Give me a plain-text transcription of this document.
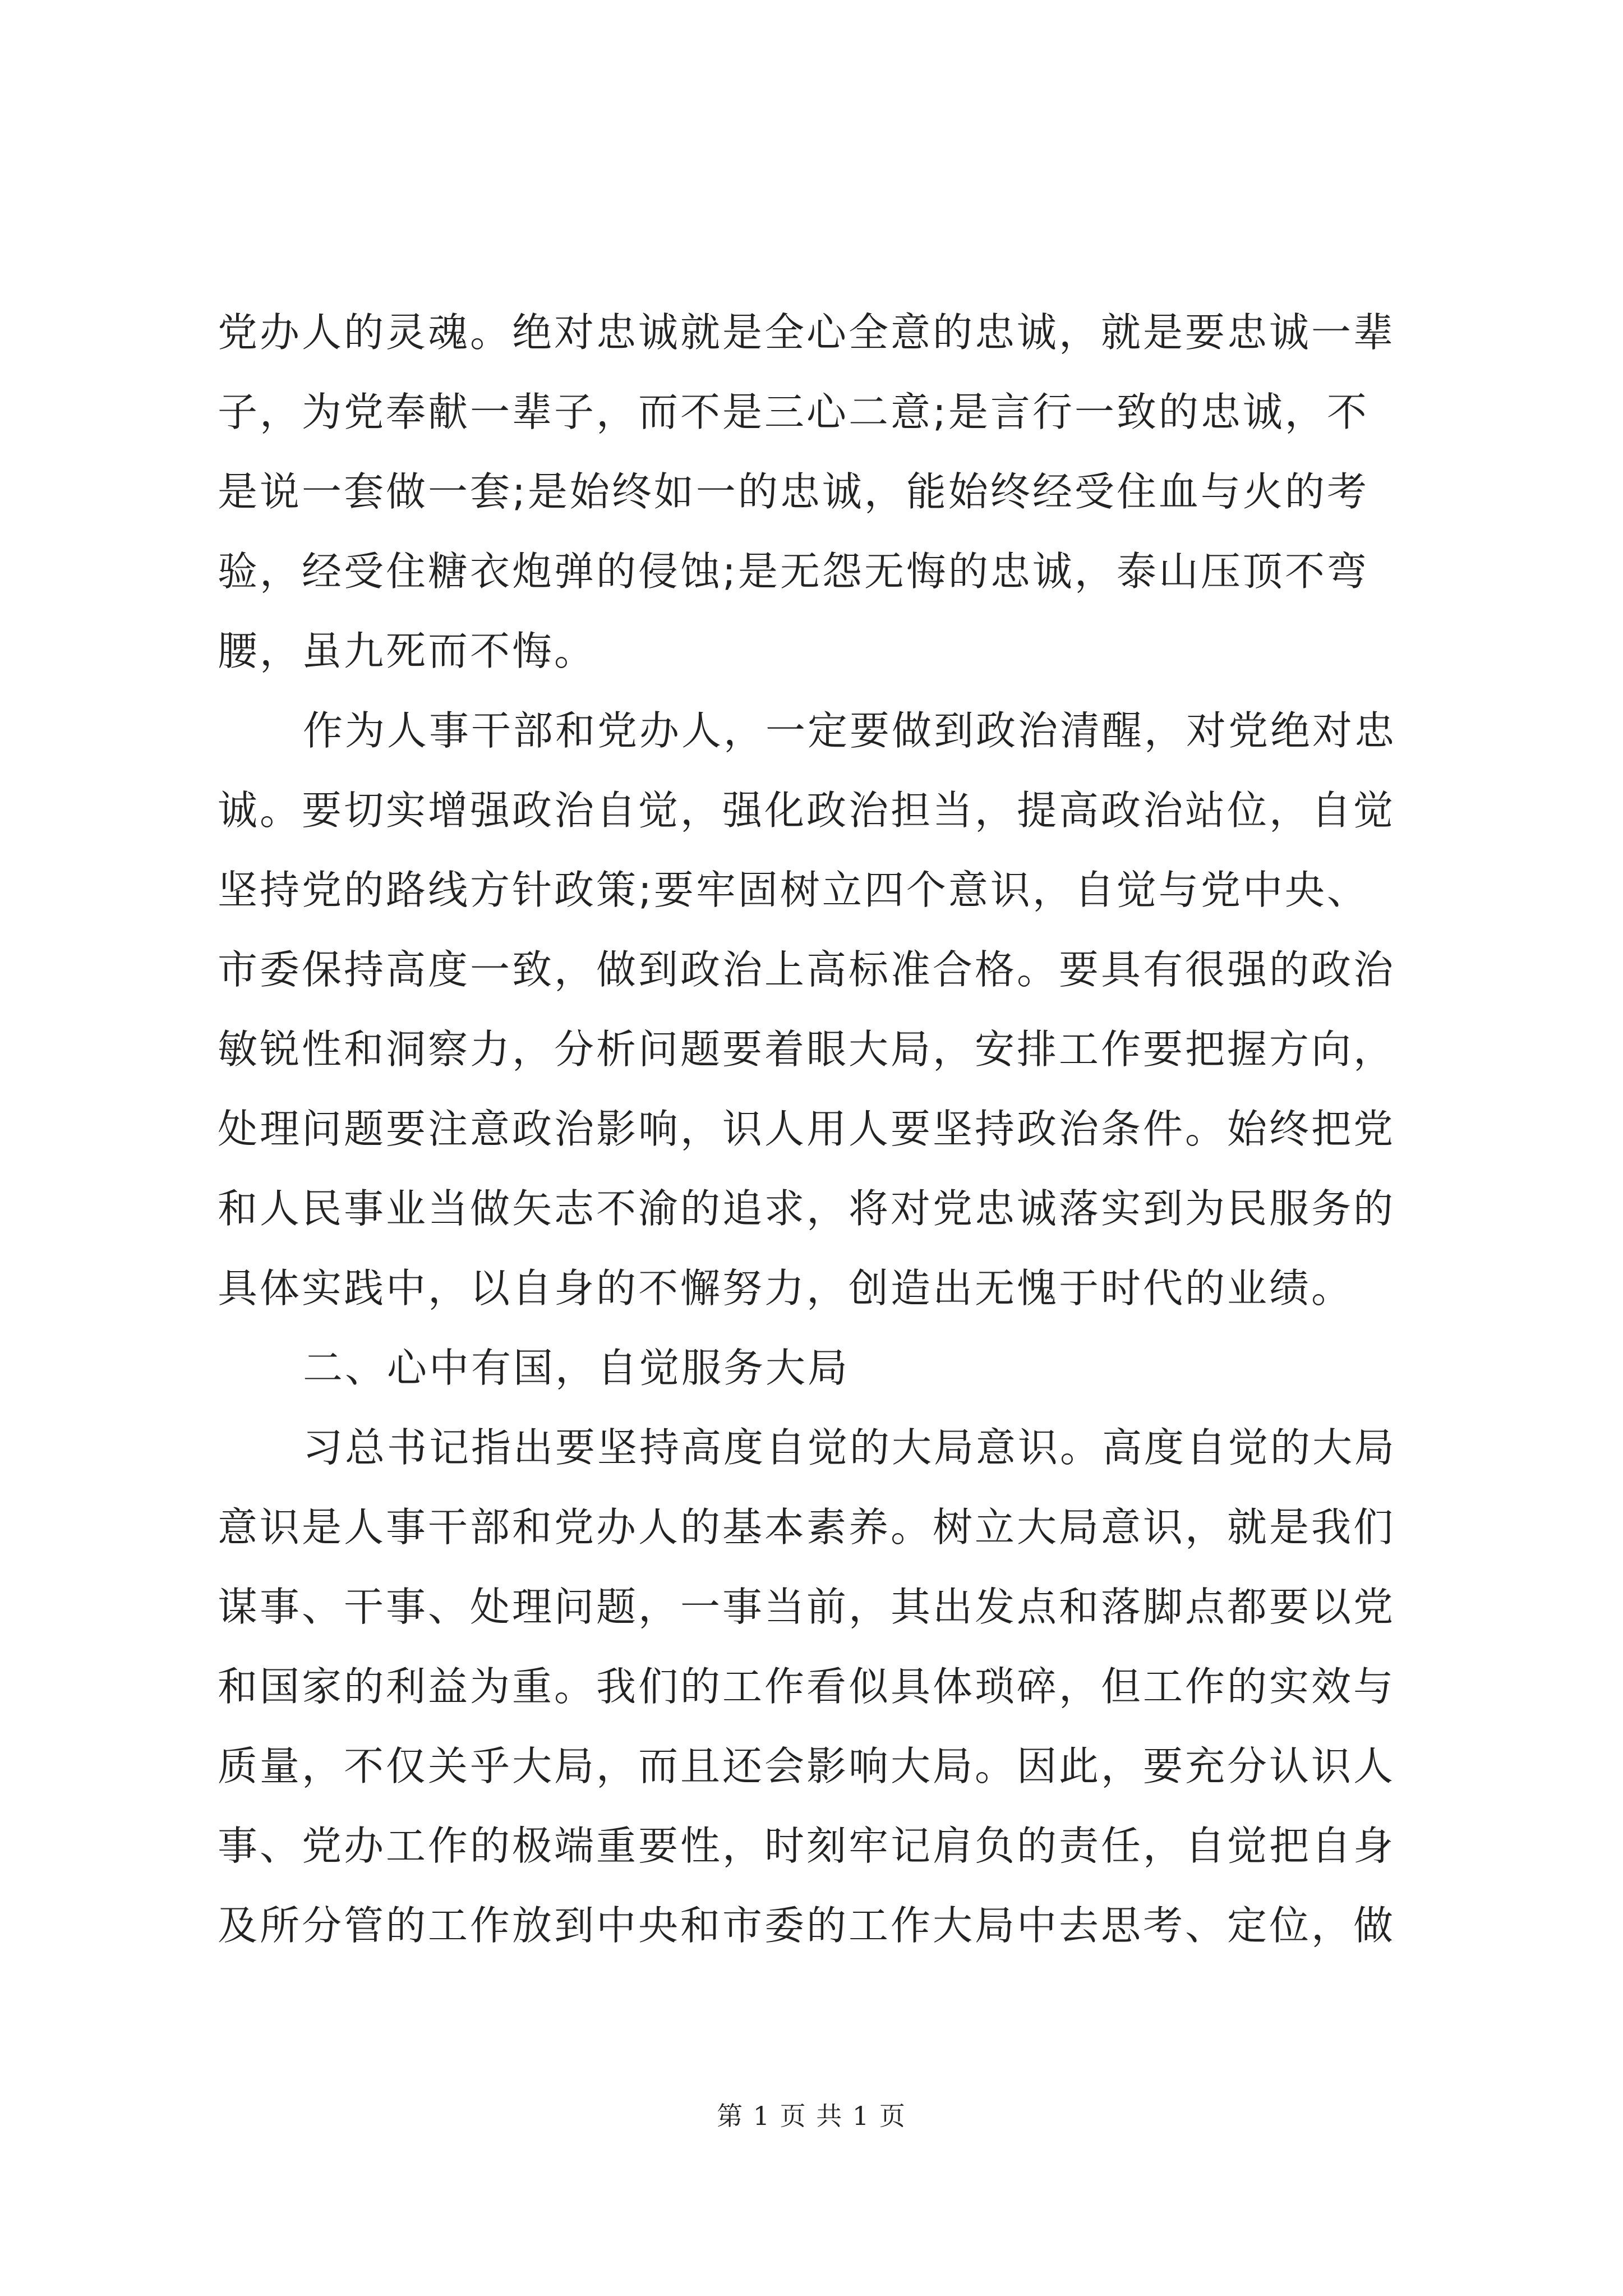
党办人的灵魂。绝对忠诚就是全心全意的忠诚，就是要忠诚一辈
子，为党奉献一辈子，而不是三心二意;是言行一致的忠诚，不
是说一套做一套;是始终如一的忠诚，能始终经受住血与火的考
验，经受住糖衣炮弹的侵蚀;是无怨无悔的忠诚，泰山压顶不弯
腰，虽九死而不悔。
作为人事干部和党办人，一定要做到政治清醒，对党绝对忠
诚。要切实增强政治自觉，强化政治担当，提高政治站位，自觉
坚持党的路线方针政策;要牢固树立四个意识，自觉与党中央、
市委保持高度一致，做到政治上高标准合格。要具有很强的政治
敏锐性和洞察力，分析问题要着眼大局，安排工作要把握方向，
处理问题要注意政治影响，识人用人要坚持政治条件。始终把党
和人民事业当做矢志不渝的追求，将对党忠诚落实到为民服务的
具体实践中，以自身的不懈努力，创造出无愧于时代的业绩。
二、心中有国，自觉服务大局
习总书记指出要坚持高度自觉的大局意识。高度自觉的大局
意识是人事干部和党办人的基本素养。树立大局意识，就是我们
谋事、干事、处理问题，一事当前，其出发点和落脚点都要以党
和国家的利益为重。我们的工作看似具体琐碎，但工作的实效与
质量，不仅关乎大局，而且还会影响大局。因此，要充分认识人
事、党办工作的极端重要性，时刻牢记肩负的责任，自觉把自身
及所分管的工作放到中央和市委的工作大局中去思考、定位，做
第 1 页 共 1 页
